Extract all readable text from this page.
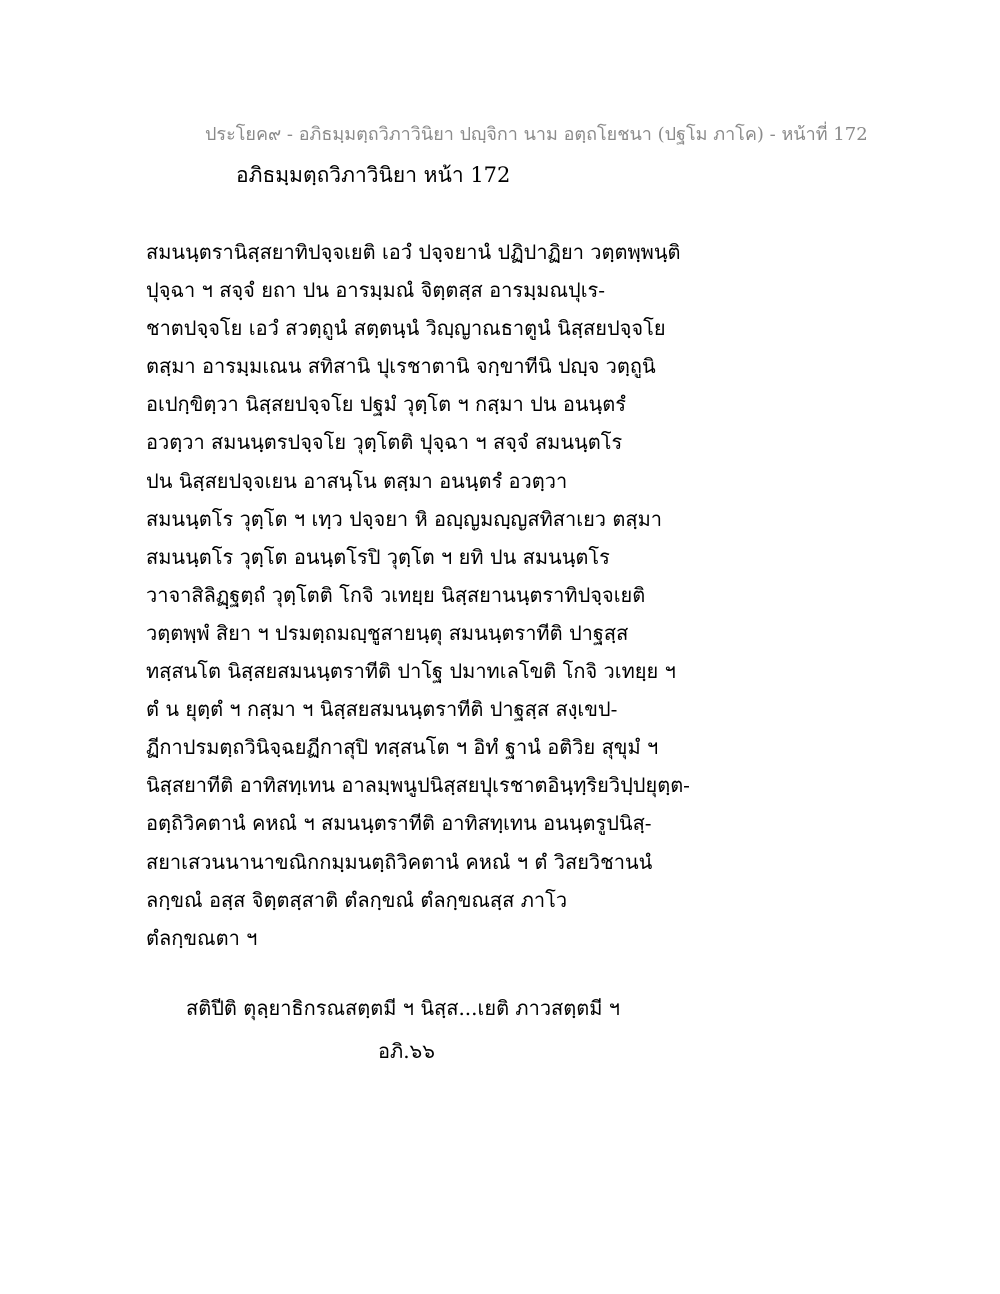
ประโยค๙ - อภิธมฺมตฺถวิภาวินิยา ปญฺจิกา นาม อตฺถโยชนา (ปฐโม ภาโค) - หน้าที่ 172
อภิธมฺมตฺถวิภาวินิยา หน้า 172
สมนนฺตรานิสฺสยาทิปจฺจเยติ เอวํ ปจฺจยานํ ปฏิปาฏิยา วตฺตพฺพนฺติ
ปุจฺฉา ฯ สจฺจํ ยถา ปน อารมฺมณํ จิตฺตสฺส อารมฺมณปุเร-
ชาตปจฺจโย เอวํ สวตฺถูนํ สตฺตนฺนํ วิญฺญาณธาตูนํ นิสฺสยปจฺจโย
ตสฺมา อารมฺมเณน สทิสานิ ปุเรชาตานิ จกฺขาทีนิ ปญฺจ วตฺถูนิ
อเปกฺขิตฺวา นิสฺสยปจฺจโย ปฐมํ วุตฺโต ฯ กสฺมา ปน อนนฺตรํ
อวตฺวา สมนนฺตรปจฺจโย วุตฺโตติ ปุจฺฉา ฯ สจฺจํ สมนนฺตโร
ปน นิสฺสยปจฺจเยน อาสนฺโน ตสฺมา อนนฺตรํ อวตฺวา
สมนนฺตโร วุตฺโต ฯ เทฺว ปจฺจยา หิ อญฺญมญฺญสทิสาเยว ตสฺมา
สมนนฺตโร วุตฺโต อนนฺตโรปิ วุตฺโต ฯ ยทิ ปน สมนนฺตโร
วาจาสิลิฏฺฐตฺถํ วุตฺโตติ โกจิ วเทยฺย นิสฺสยานนฺตราทิปจฺจเยติ
วตฺตพฺพํ สิยา ฯ ปรมตฺถมญฺชูสายนฺตุ สมนนฺตราทีติ ปาฐสฺส
ทสฺสนโต นิสฺสยสมนนฺตราทีติ ปาโฐ ปมาทเลโขติ โกจิ วเทยฺย ฯ
ตํ น ยุตฺตํ ฯ กสฺมา ฯ นิสฺสยสมนนฺตราทีติ ปาฐสฺส สงฺเขป-
ฏีกาปรมตฺถวินิจฺฉยฏีกาสุปิ ทสฺสนโต ฯ อิทํ ฐานํ อติวิย สุขุมํ ฯ
นิสฺสยาทีติ อาทิสทฺเทน อาลมฺพนูปนิสฺสยปุเรชาตอินฺทฺริยวิปฺปยุตฺต-
อตฺถิวิคตานํ คหณํ ฯ สมนนฺตราทีติ อาทิสทฺเทน อนนฺตรูปนิสฺ-
สยาเสวนนานาขณิกกมฺมนตฺถิวิคตานํ คหณํ ฯ ตํ วิสยวิชานนํ
ลกฺขณํ อสฺส จิตฺตสฺสาติ ตํลกฺขณํ ตํลกฺขณสฺส ภาโว
ตํลกฺขณตา ฯ
สติปีติ ตุลฺยาธิกรณสตฺตมี ฯ นิสฺส...เยติ ภาวสตฺตมี ฯ
อภิ.๖๖
